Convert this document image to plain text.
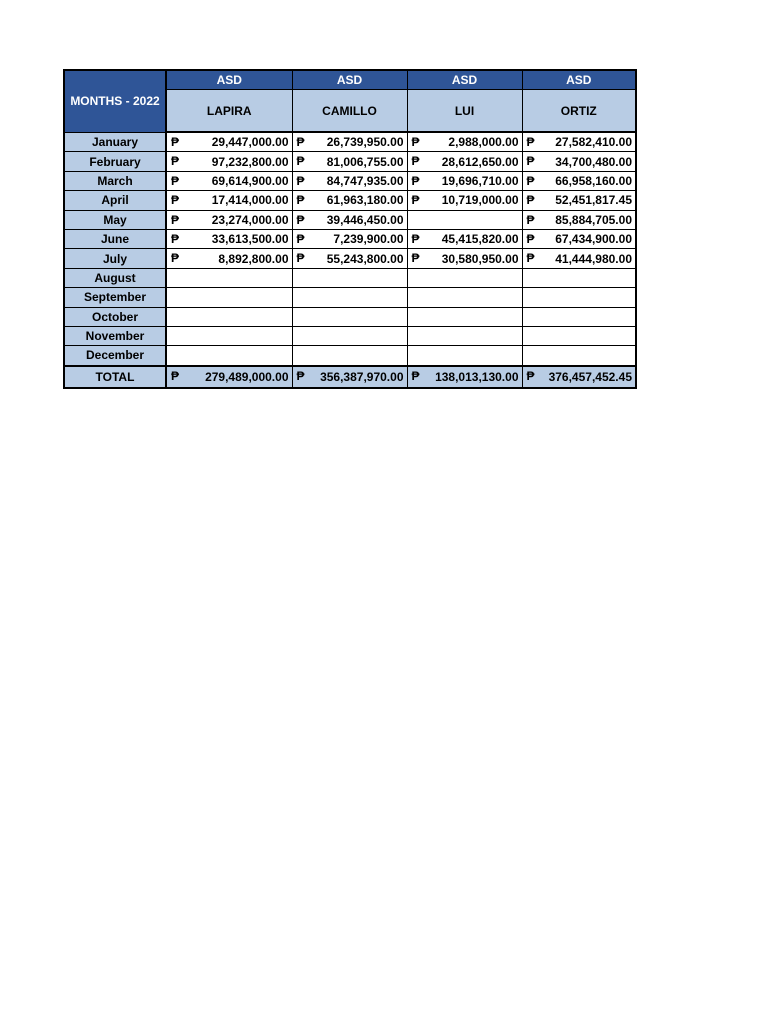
MONTHS - 2022	ASD	ASD	ASD	ASD
	LAPIRA	CAMILLO	LUI	ORTIZ
January	₱ 29,447,000.00	₱ 26,739,950.00	₱ 2,988,000.00	₱ 27,582,410.00

February	₱ 97,232,800.00	₱ 81,006,755.00	₱ 28,612,650.00	₱ 34,700,480.00

March	₱ 69,614,900.00	₱ 84,747,935.00	₱ 19,696,710.00	₱ 66,958,160.00

April	₱ 17,414,000.00	₱ 61,963,180.00	₱ 10,719,000.00	₱ 52,451,817.45

May	₱ 23,274,000.00	₱ 39,446,450.00		₱ 85,884,705.00

June	₱ 33,613,500.00	₱ 7,239,900.00	₱ 45,415,820.00	₱ 67,434,900.00

July	₱ 8,892,800.00	₱ 55,243,800.00	₱ 30,580,950.00	₱ 41,444,980.00

August				
September				
October				
November				
December				
TOTAL	₱ 279,489,000.00	₱ 356,387,970.00	₱ 138,013,130.00	₱ 376,457,452.45
